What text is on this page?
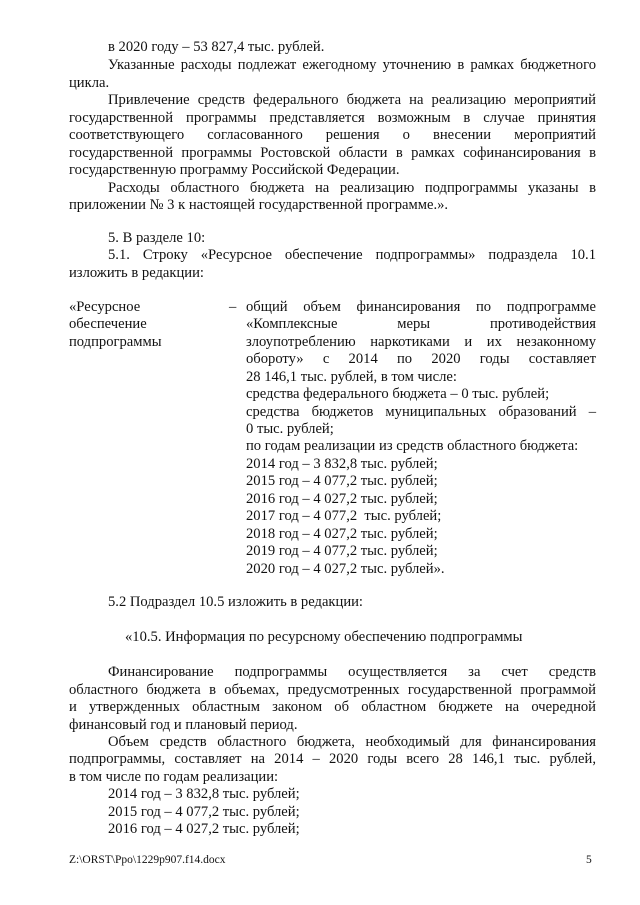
в 2020 году – 53 827,4 тыс. рублей.
Указанные расходы подлежат ежегодному уточнению в рамках бюджетного
цикла.
Привлечение средств федерального бюджета на реализацию мероприятий
государственной программы представляется возможным в случае принятия
соответствующего согласованного решения о внесении мероприятий
государственной программы Ростовской области в рамках софинансирования в
государственную программу Российской Федерации.
Расходы областного бюджета на реализацию подпрограммы указаны в
приложении № 3 к настоящей государственной программе.».
5. В разделе 10:
5.1. Строку «Ресурсное обеспечение подпрограммы» подраздела 10.1
изложить в редакции:
«Ресурсное
обеспечение
подпрограммы
– общий объем финансирования по подпрограмме
«Комплексные меры противодействия
злоупотреблению наркотиками и их незаконному
обороту» с 2014 по 2020 годы составляет
28 146,1 тыс. рублей, в том числе:
средства федерального бюджета – 0 тыс. рублей;
средства бюджетов муниципальных образований –
0 тыс. рублей;
по годам реализации из средств областного бюджета:
2014 год – 3 832,8 тыс. рублей;
2015 год – 4 077,2 тыс. рублей;
2016 год – 4 027,2 тыс. рублей;
2017 год – 4 077,2  тыс. рублей;
2018 год – 4 027,2 тыс. рублей;
2019 год – 4 077,2 тыс. рублей;
2020 год – 4 027,2 тыс. рублей».
5.2 Подраздел 10.5 изложить в редакции:
«10.5. Информация по ресурсному обеспечению подпрограммы
Финансирование подпрограммы осуществляется за счет средств
областного бюджета в объемах, предусмотренных государственной программой
и утвержденных областным законом об областном бюджете на очередной
финансовый год и плановый период.
Объем средств областного бюджета, необходимый для финансирования
подпрограммы, составляет на 2014 – 2020 годы всего 28 146,1 тыс. рублей,
в том числе по годам реализации:
2014 год – 3 832,8 тыс. рублей;
2015 год – 4 077,2 тыс. рублей;
2016 год – 4 027,2 тыс. рублей;
Z:\ORST\Ppo\1229p907.f14.docx	5
